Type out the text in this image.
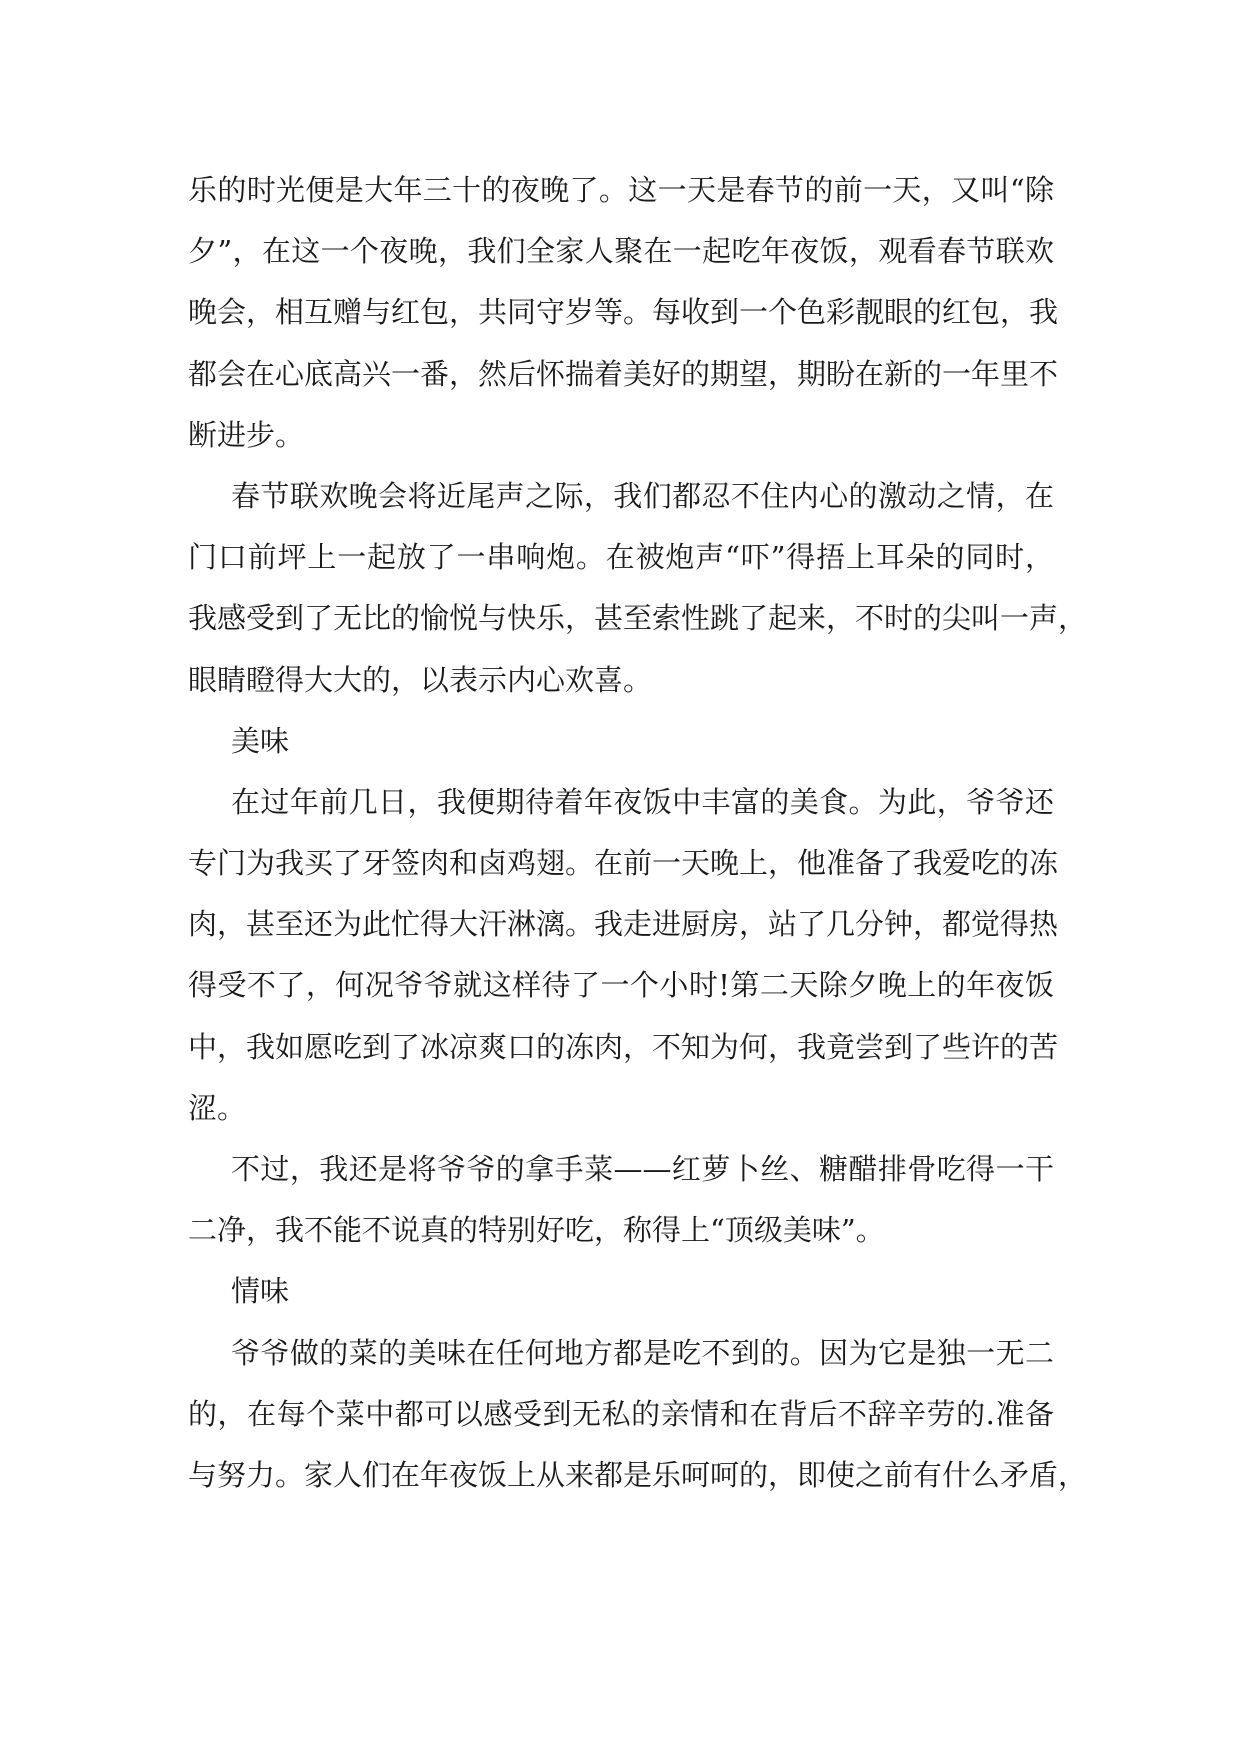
乐的时光便是大年三十的夜晚了。这一天是春节的前一天，又叫“除
夕”，在这一个夜晚，我们全家人聚在一起吃年夜饭，观看春节联欢
晚会，相互赠与红包，共同守岁等。每收到一个色彩靓眼的红包，我
都会在心底高兴一番，然后怀揣着美好的期望，期盼在新的一年里不
断进步。
春节联欢晚会将近尾声之际，我们都忍不住内心的激动之情，在
门口前坪上一起放了一串响炮。在被炮声“吓”得捂上耳朵的同时，
我感受到了无比的愉悦与快乐，甚至索性跳了起来，不时的尖叫一声，
眼睛瞪得大大的，以表示内心欢喜。
美味
在过年前几日，我便期待着年夜饭中丰富的美食。为此，爷爷还
专门为我买了牙签肉和卤鸡翅。在前一天晚上，他准备了我爱吃的冻
肉，甚至还为此忙得大汗淋漓。我走进厨房，站了几分钟，都觉得热
得受不了，何况爷爷就这样待了一个小时!第二天除夕晚上的年夜饭
中，我如愿吃到了冰凉爽口的冻肉，不知为何，我竟尝到了些许的苦
涩。
不过，我还是将爷爷的拿手菜——红萝卜丝、糖醋排骨吃得一干
二净，我不能不说真的特别好吃，称得上“顶级美味”。
情味
爷爷做的菜的美味在任何地方都是吃不到的。因为它是独一无二
的，在每个菜中都可以感受到无私的亲情和在背后不辞辛劳的.准备
与努力。家人们在年夜饭上从来都是乐呵呵的，即使之前有什么矛盾，
